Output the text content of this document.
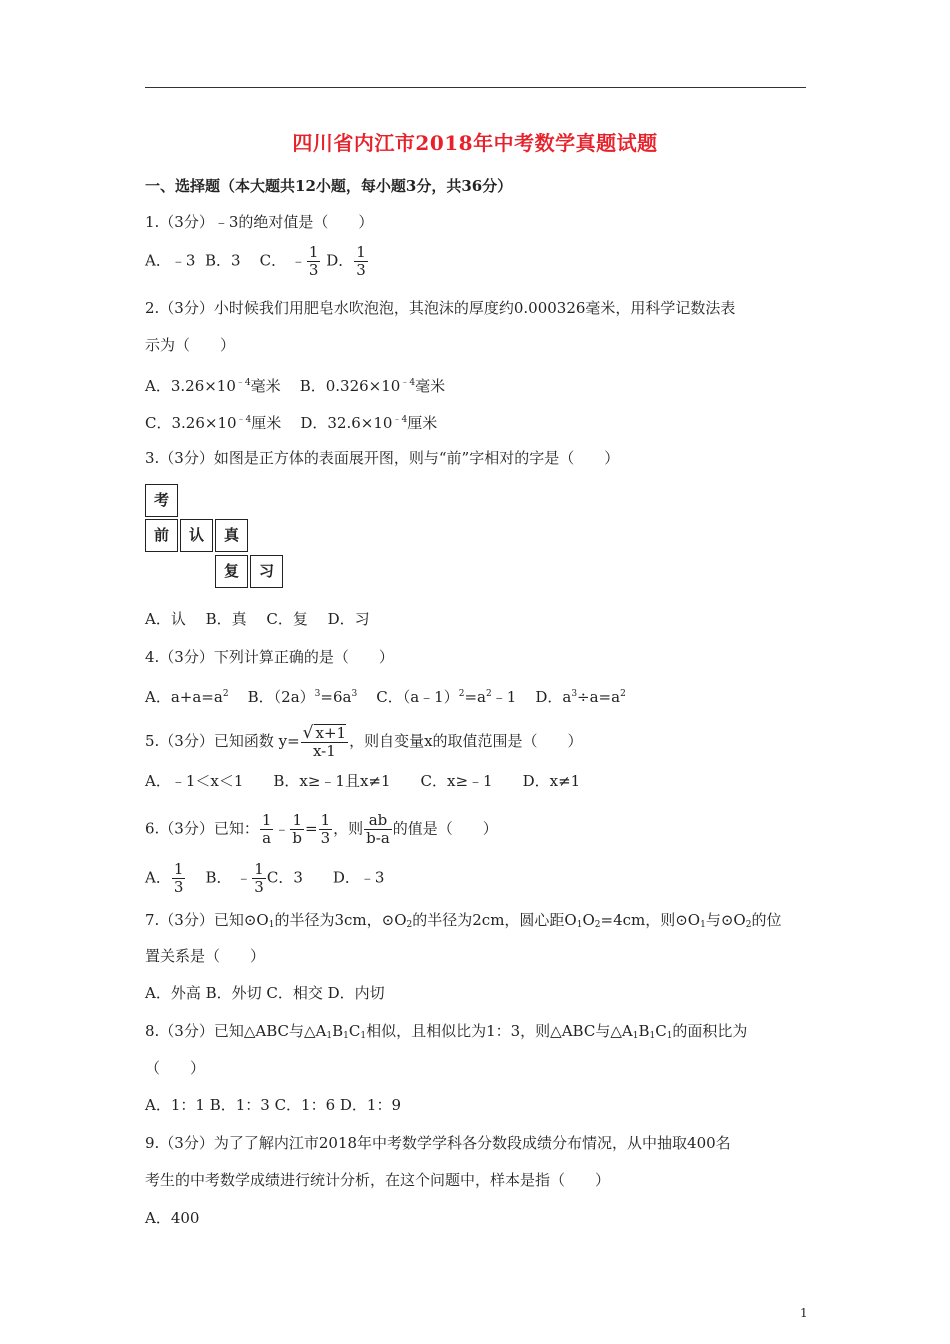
四川省内江市2018年中考数学真题试题
一、选择题（本大题共12小题，每小题3分，共36分）
1.（3分）﹣3的绝对值是（　　）
A．﹣3 B．3 C． ﹣ $\frac{1}{3}$ D． $\frac{1}{3}$
2.（3分）小时候我们用肥皂水吹泡泡，其泡沫的厚度约0.000326毫米，用科学记数法表
示为（　　）
A．$3.26\times 10^{﹣4}$毫米 B．$0.326\times 10^{﹣4}$毫米
C．$3.26\times 10^{﹣4}$厘米 D．$32.6\times 10^{﹣4}$厘米
3.（3分）如图是正方体的表面展开图，则与“前”字相对的字是（　　）
考
前	认	真
复	习
A．认　 B．真　 C．复　 D．习
4.（3分）下列计算正确的是（　　）
A．$a+a=a^2$ B．$(2a)^3=6a^3$ C．$(a﹣1)^2=a^2﹣1$ D．$a^3\div a=a^2$
5.（3分）已知函数 $y= \frac{√ x+1}{x-1}$ ，则自变量x的取值范围是（　　）
A．﹣1＜x＜1　　B．x≥﹣1且x≠1　　C．x≥﹣1　　D．x≠1
6.（3分）已知： $\frac{1}{a}$ ﹣ $\frac{1}{b} = \frac{1}{3}$ ，则 $\frac{ab}{b-a}$ 的值是（　　）
A． $\frac{1}{3}$ B． ﹣ $\frac{1}{3}$ C．3　　D．﹣3
7.（3分）已知$⊙O_1$的半径为3cm，$⊙O_2$的半径为2cm，圆心距$O_1O_2=4cm$，则$⊙O_1$与$⊙O_2$的位
置关系是（　　）
A．外高 B．外切 C．相交 D．内切
8.（3分）已知△ABC与$\triangle A_1B_1C_1$相似，且相似比为1：3，则△ABC与$\triangle A_1B_1C_1$的面积比为
（　　）
A．1：1 B．1：3 C．1：6 D．1：9
9.（3分）为了了解内江市2018年中考数学学科各分数段成绩分布情况，从中抽取400名
考生的中考数学成绩进行统计分析，在这个问题中，样本是指（　　）
A．400
1
